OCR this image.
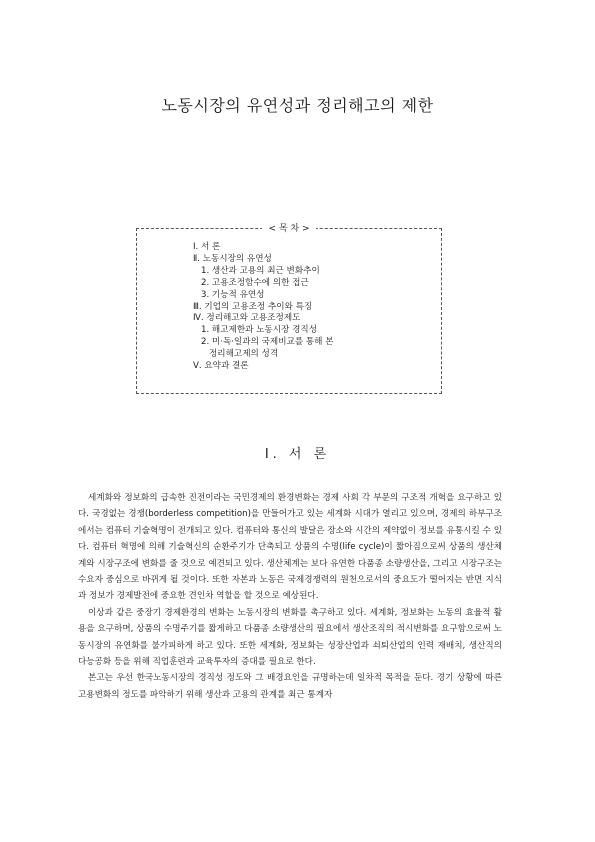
노동시장의 유연성과 정리해고의 제한
< 목 차 >
Ⅰ. 서 론
Ⅱ. 노동시장의 유연성
1. 생산과 고용의 최근 변화추이
2. 고용조정함수에 의한 접근
3. 기능적 유연성
Ⅲ. 기업의 고용조정 추이와 특징
Ⅳ. 정리해고와 고용조정제도
1. 해고제한과 노동시장 경직성
2. 미·독·일과의 국제비교를 통해 본
정리해고제의 성격
Ⅴ. 요약과 결론
Ⅰ. 서 론

세계화와 정보화의 급속한 진전이라는 국민경제의 환경변화는 경제 사회 각 부문의 구조적 개혁을 요구하고 있다. 국경없는 경쟁(borderless competition)을 만들어가고 있는 세계화 시대가 열리고 있으며, 경제의 하부구조에서는 컴퓨터 기술혁명이 전개되고 있다. 컴퓨터와 통신의 발달은 장소와 시간의 제약없이 정보를 유통시킬 수 있다. 컴퓨터 혁명에 의해 기술혁신의 순환주기가 단축되고 상품의 수명(life cycle)이 짧아짐으로써 상품의 생산체계와 시장구조에 변화를 줄 것으로 예견되고 있다. 생산체계는 보다 유연한 다품종 소량생산을, 그리고 시장구조는 수요자 중심으로 바뀌게 될 것이다. 또한 자본과 노동은 국제경쟁력의 원천으로서의 중요도가 떨어지는 반면 지식과 정보가 경제발전에 중요한 견인차 역할을 할 것으로 예상된다.

이상과 같은 중장기 경제환경의 변화는 노동시장의 변화를 촉구하고 있다. 세계화, 정보화는 노동의 효율적 활용을 요구하며, 상품의 수명주기를 짧게하고 다품종 소량생산의 필요에서 생산조직의 적시변화를 요구함으로써 노동시장의 유연화를 불가피하게 하고 있다. 또한 세계화, 정보화는 성장산업과 쇠퇴산업의 인력 재배치, 생산직의 다능공화 등을 위해 직업훈련과 교육투자의 증대를 필요로 한다.

본고는 우선 한국노동시장의 경직성 정도와 그 배경요인을 규명하는데 일차적 목적을 둔다. 경기 상황에 따른 고용변화의 정도를 파악하기 위해 생산과 고용의 관계를 최근 통계자
